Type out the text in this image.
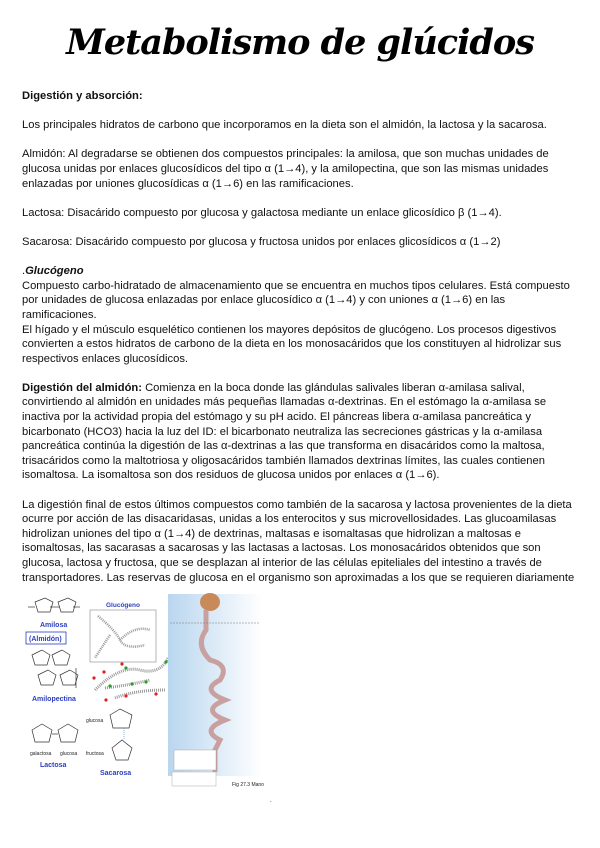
Metabolismo de glúcidos
Digestión y absorción:
Los principales hidratos de carbono que incorporamos en la dieta son el almidón, la lactosa y la sacarosa.
Almidón: Al degradarse se obtienen dos compuestos principales: la amilosa, que son muchas unidades de
glucosa unidas por enlaces glucosídicos del tipo α (1→4), y la amilopectina, que son las mismas unidades
enlazadas por uniones glucosídicas α (1→6) en las ramificaciones.
Lactosa: Disacárido compuesto por glucosa y galactosa mediante un enlace glicosídico β (1→4).
Sacarosa: Disacárido compuesto por glucosa y fructosa unidos por enlaces glicosídicos α (1→2)
.Glucógeno
Compuesto carbo-hidratado de almacenamiento que se encuentra en muchos tipos celulares. Está compuesto
por unidades de glucosa enlazadas por enlace glucosídico α (1→4) y con uniones α (1→6) en las
ramificaciones.
El hígado y el músculo esquelético contienen los mayores depósitos de glucógeno. Los procesos digestivos
convierten a estos hidratos de carbono de la dieta en los monosacáridos que los constituyen al hidrolizar sus
respectivos enlaces glucosídicos.
Digestión del almidón: Comienza en la boca donde las glándulas salivales liberan α-amilasa salival,
convirtiendo al almidón en unidades más pequeñas llamadas α-dextrinas. En el estómago la α-amilasa se
inactiva por la actividad propia del estómago y su pH acido. El páncreas libera α-amilasa pancreática y
bicarbonato (HCO3) hacia la luz del ID: el bicarbonato neutraliza las secreciones gástricas y la α-amilasa
pancreática continúa la digestión de las α-dextrinas a las que transforma en disacáridos como la maltosa,
trisacáridos como la maltotriosa y oligosacáridos también llamados dextrinas límites, las cuales contienen
isomaltosa. La isomaltosa son dos residuos de glucosa unidos por enlaces α (1→6).
La digestión final de estos últimos compuestos como también de la sacarosa y lactosa provenientes de la dieta
ocurre por acción de las disacaridasas, unidas a los enterocitos y sus microvellosidades. Las glucoamilasas
hidrolizan uniones del tipo α (1→4) de dextrinas, maltasas e isomaltasas que hidrolizan a maltosas e
isomaltosas, las sacarasas a sacarosas y las lactasas a lactosas. Los monosacáridos obtenidos que son
glucosa, lactosa y fructosa, que se desplazan al interior de las células epiteliales del intestino a través de
transportadores. Las reservas de glucosa en el organismo son aproximadas a los que se requieren diariamente
Amilosa
(Almidón)
Amilopectina
galactosa glucosa
Lactosa
Glucógeno
glucosa
fructosa
Sacarosa
Fig 27.3 Mano
.
